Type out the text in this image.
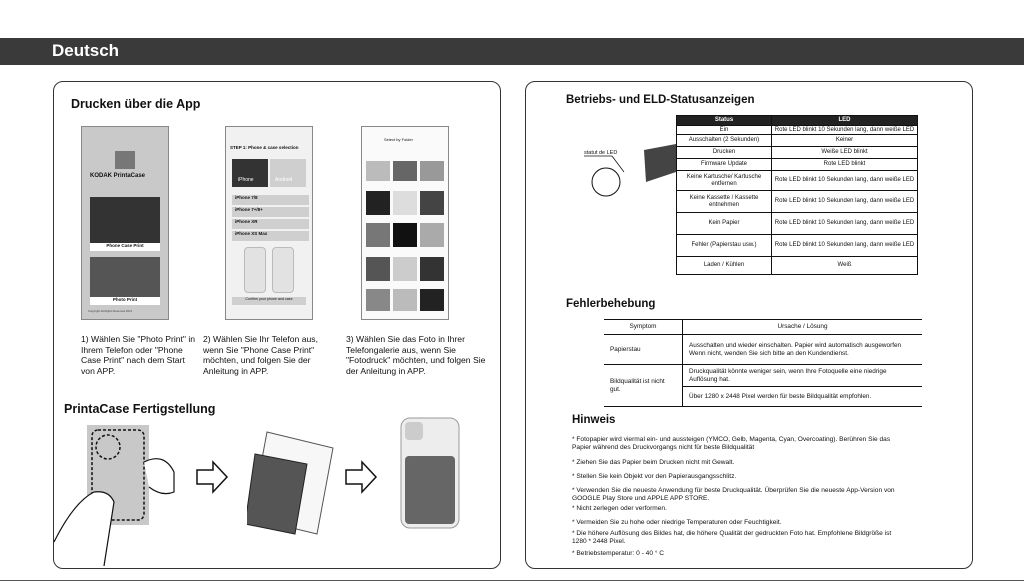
Deutsch
Drucken über die App
KODAK PrintaCase
Phone Case Print
Photo Print
Copyright All Rights Reserved 2021
STEP 1: Phone & case selection
iPhone	Android
iPhone 7/8
iPhone 7+/8+
iPhone XR
iPhone XS Max
Confirm your phone and case
Select by Folder
1) Wählen Sie "Photo Print" in Ihrem Telefon oder "Phone Case Print" nach dem Start von APP.
2) Wählen Sie Ihr Telefon aus, wenn Sie "Phone Case Print" möchten, und folgen Sie der Anleitung in APP.
3) Wählen Sie das Foto in Ihrer Telefongalerie aus, wenn Sie "Fotodruck" möchten, und folgen Sie der Anleitung in APP.
PrintaCase Fertigstellung
Betriebs- und ELD-Statusanzeigen
statut de LED
Status	LED
Ein	Rote LED blinkt 10 Sekunden lang, dann weiße LED
Ausschalten (2 Sekunden)	Keiner
Drucken	Weiße LED blinkt
Firmware Update	Rote LED blinkt
Keine Kartusche/ Kartusche entfernen	Rote LED blinkt 10 Sekunden lang, dann weiße LED
Keine Kassette / Kassette entnehmen	Rote LED blinkt 10 Sekunden lang, dann weiße LED
Kein Papier	Rote LED blinkt 10 Sekunden lang, dann weiße LED
Fehler (Papierstau usw.)	Rote LED blinkt 10 Sekunden lang, dann weiße LED
Laden / Kühlen	Weiß
Fehlerbehebung
Symptom	Ursache / Lösung
Papierstau	Ausschalten und wieder einschalten. Papier wird automatisch ausgeworfen Wenn nicht, wenden Sie sich bitte an den Kundendienst.
Bildqualität ist nicht gut.	Druckqualität könnte weniger sein, wenn Ihre Fotoquelle eine niedrige Auflösung hat.
	Über 1280 x 2448 Pixel werden für beste Bildqualität empfohlen.
Hinweis
* Fotopapier wird viermal ein- und aussteigen (YMCO, Gelb, Magenta, Cyan, Overcoating). Berühren Sie das Papier während des Druckvorgangs nicht für beste Bildqualität
* Ziehen Sie das Papier beim Drucken nicht mit Gewalt.
* Stellen Sie kein Objekt vor den Papierausgangsschlitz.
* Verwenden Sie die neueste Anwendung für beste Druckqualität. Überprüfen Sie die neueste App-Version von GOOGLE Play Store und APPLE APP STORE.
* Nicht zerlegen oder verformen.
* Vermeiden Sie zu hohe oder niedrige Temperaturen oder Feuchtigkeit.
* Die höhere Auflösung des Bildes hat, die höhere Qualität der gedruckten Foto hat. Empfohlene Bildgröße ist 1280 * 2448 Pixel.
* Betriebstemperatur: 0 - 40 ° C
